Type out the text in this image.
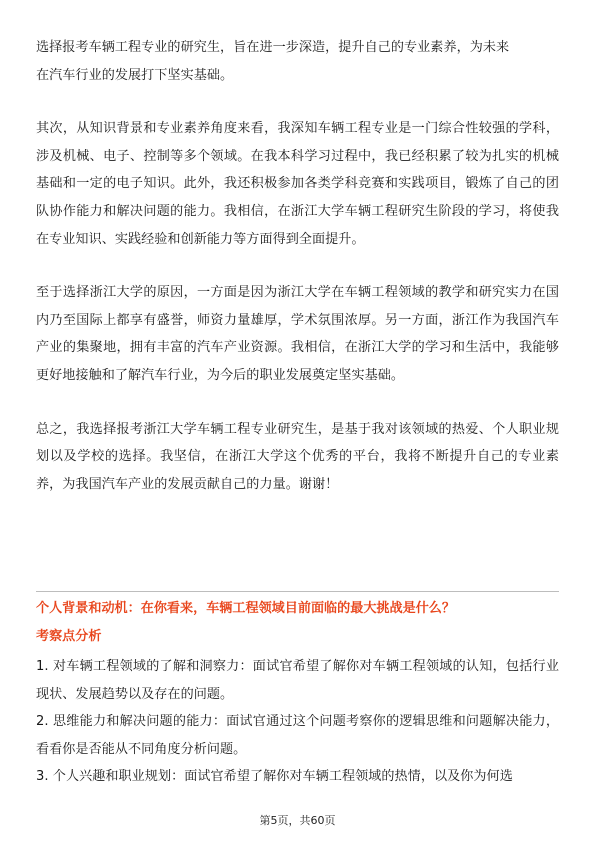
选择报考车辆工程专业的研究生，旨在进一步深造，提升自己的专业素养，为未来

在汽车行业的发展打下坚实基础。

其次，从知识背景和专业素养角度来看，我深知车辆工程专业是一门综合性较强的学科，涉及机械、电子、控制等多个领域。在我本科学习过程中，我已经积累了较为扎实的机械基础和一定的电子知识。此外，我还积极参加各类学科竞赛和实践项目，锻炼了自己的团队协作能力和解决问题的能力。我相信，在浙江大学车辆工程研究生阶段的学习，将使我在专业知识、实践经验和创新能力等方面得到全面提升。

至于选择浙江大学的原因，一方面是因为浙江大学在车辆工程领域的教学和研究实力在国内乃至国际上都享有盛誉，师资力量雄厚，学术氛围浓厚。另一方面，浙江作为我国汽车产业的集聚地，拥有丰富的汽车产业资源。我相信，在浙江大学的学习和生活中，我能够更好地接触和了解汽车行业，为今后的职业发展奠定坚实基础。

总之，我选择报考浙江大学车辆工程专业研究生，是基于我对该领域的热爱、个人职业规划以及学校的选择。我坚信，在浙江大学这个优秀的平台，我将不断提升自己的专业素养，为我国汽车产业的发展贡献自己的力量。谢谢！

个人背景和动机：在你看来，车辆工程领域目前面临的最大挑战是什么？

考察点分析

1. 对车辆工程领域的了解和洞察力：面试官希望了解你对车辆工程领域的认知，包括行业现状、发展趋势以及存在的问题。

2. 思维能力和解决问题的能力：面试官通过这个问题考察你的逻辑思维和问题解决能力，看看你是否能从不同角度分析问题。

3. 个人兴趣和职业规划：面试官希望了解你对车辆工程领域的热情，以及你为何选

第5页，共60页
